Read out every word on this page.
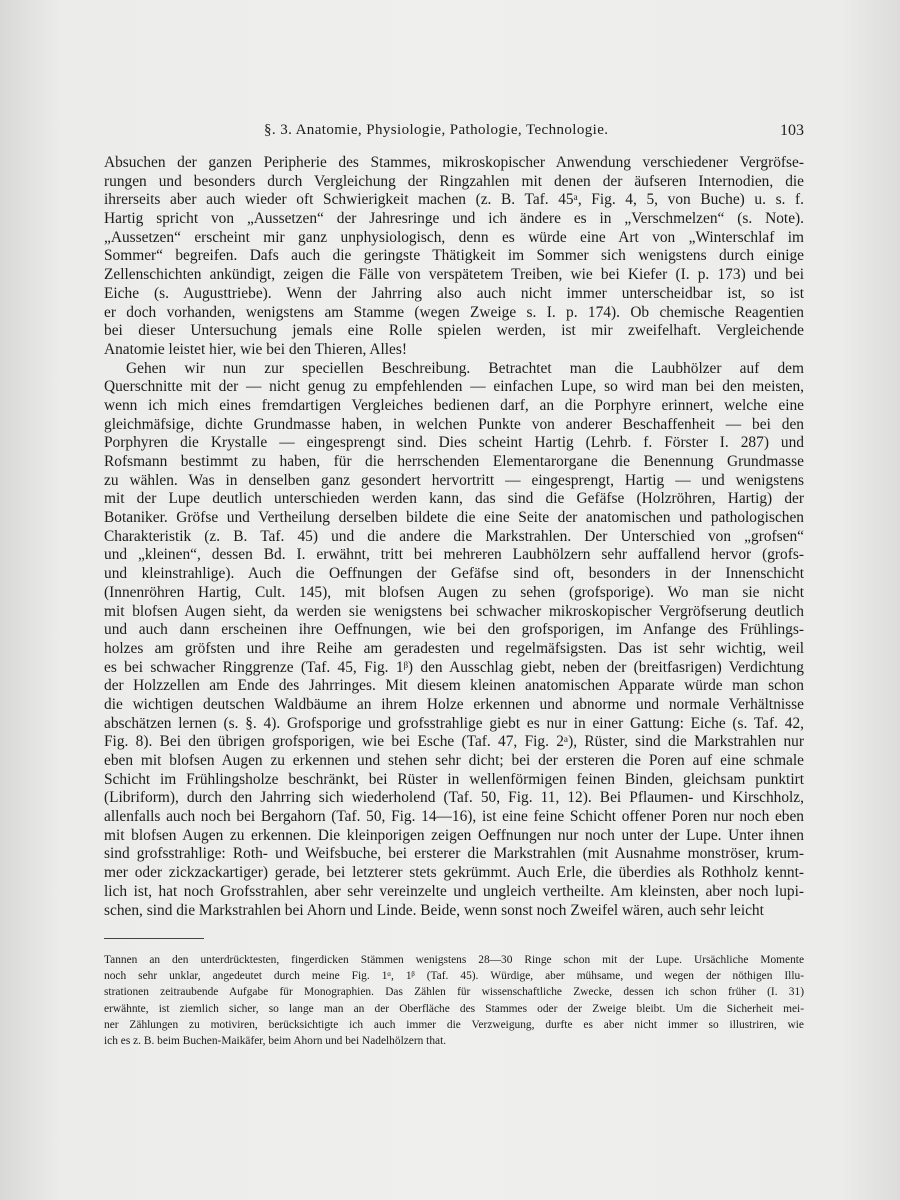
§. 3. Anatomie, Physiologie, Pathologie, Technologie.	103
Absuchen der ganzen Peripherie des Stammes, mikroskopischer Anwendung verschiedener Vergröfse-
rungen und besonders durch Vergleichung der Ringzahlen mit denen der äufseren Internodien, die
ihrerseits aber auch wieder oft Schwierigkeit machen (z. B. Taf. 45ᵃ, Fig. 4, 5, von Buche) u. s. f.
Hartig spricht von „Aussetzen“ der Jahresringe und ich ändere es in „Verschmelzen“ (s. Note).
„Aussetzen“ erscheint mir ganz unphysiologisch, denn es würde eine Art von „Winterschlaf im
Sommer“ begreifen. Dafs auch die geringste Thätigkeit im Sommer sich wenigstens durch einige
Zellenschichten ankündigt, zeigen die Fälle von verspätetem Treiben, wie bei Kiefer (I. p. 173) und bei
Eiche (s. Augusttriebe). Wenn der Jahrring also auch nicht immer unterscheidbar ist, so ist
er doch vorhanden, wenigstens am Stamme (wegen Zweige s. I. p. 174). Ob chemische Reagentien
bei dieser Untersuchung jemals eine Rolle spielen werden, ist mir zweifelhaft. Vergleichende
Anatomie leistet hier, wie bei den Thieren, Alles!
Gehen wir nun zur speciellen Beschreibung. Betrachtet man die Laubhölzer auf dem
Querschnitte mit der — nicht genug zu empfehlenden — einfachen Lupe, so wird man bei den meisten,
wenn ich mich eines fremdartigen Vergleiches bedienen darf, an die Porphyre erinnert, welche eine
gleichmäfsige, dichte Grundmasse haben, in welchen Punkte von anderer Beschaffenheit — bei den
Porphyren die Krystalle — eingesprengt sind. Dies scheint Hartig (Lehrb. f. Förster I. 287) und
Rofsmann bestimmt zu haben, für die herrschenden Elementarorgane die Benennung Grundmasse
zu wählen. Was in denselben ganz gesondert hervortritt — eingesprengt, Hartig — und wenigstens
mit der Lupe deutlich unterschieden werden kann, das sind die Gefäfse (Holzröhren, Hartig) der
Botaniker. Gröfse und Vertheilung derselben bildete die eine Seite der anatomischen und pathologischen
Charakteristik (z. B. Taf. 45) und die andere die Markstrahlen. Der Unterschied von „grofsen“
und „kleinen“, dessen Bd. I. erwähnt, tritt bei mehreren Laubhölzern sehr auffallend hervor (grofs-
und kleinstrahlige). Auch die Oeffnungen der Gefäfse sind oft, besonders in der Innenschicht
(Innenröhren Hartig, Cult. 145), mit blofsen Augen zu sehen (grofsporige). Wo man sie nicht
mit blofsen Augen sieht, da werden sie wenigstens bei schwacher mikroskopischer Vergröfserung deutlich
und auch dann erscheinen ihre Oeffnungen, wie bei den grofsporigen, im Anfange des Frühlings-
holzes am gröfsten und ihre Reihe am geradesten und regelmäfsigsten. Das ist sehr wichtig, weil
es bei schwacher Ringgrenze (Taf. 45, Fig. 1ᵝ) den Ausschlag giebt, neben der (breitfasrigen) Verdichtung
der Holzzellen am Ende des Jahrringes. Mit diesem kleinen anatomischen Apparate würde man schon
die wichtigen deutschen Waldbäume an ihrem Holze erkennen und abnorme und normale Verhältnisse
abschätzen lernen (s. §. 4). Grofsporige und grofsstrahlige giebt es nur in einer Gattung: Eiche (s. Taf. 42,
Fig. 8). Bei den übrigen grofsporigen, wie bei Esche (Taf. 47, Fig. 2ᵃ), Rüster, sind die Markstrahlen nur
eben mit blofsen Augen zu erkennen und stehen sehr dicht; bei der ersteren die Poren auf eine schmale
Schicht im Frühlingsholze beschränkt, bei Rüster in wellenförmigen feinen Binden, gleichsam punktirt
(Libriform), durch den Jahrring sich wiederholend (Taf. 50, Fig. 11, 12). Bei Pflaumen- und Kirschholz,
allenfalls auch noch bei Bergahorn (Taf. 50, Fig. 14—16), ist eine feine Schicht offener Poren nur noch eben
mit blofsen Augen zu erkennen. Die kleinporigen zeigen Oeffnungen nur noch unter der Lupe. Unter ihnen
sind grofsstrahlige: Roth- und Weifsbuche, bei ersterer die Markstrahlen (mit Ausnahme monströser, krum-
mer oder zickzackartiger) gerade, bei letzterer stets gekrümmt. Auch Erle, die überdies als Rothholz kennt-
lich ist, hat noch Grofsstrahlen, aber sehr vereinzelte und ungleich vertheilte. Am kleinsten, aber noch lupi-
schen, sind die Markstrahlen bei Ahorn und Linde. Beide, wenn sonst noch Zweifel wären, auch sehr leicht
Tannen an den unterdrücktesten, fingerdicken Stämmen wenigstens 28—30 Ringe schon mit der Lupe. Ursächliche Momente
noch sehr unklar, angedeutet durch meine Fig. 1ᵅ, 1ᵝ (Taf. 45). Würdige, aber mühsame, und wegen der nöthigen Illu-
strationen zeitraubende Aufgabe für Monographien. Das Zählen für wissenschaftliche Zwecke, dessen ich schon früher (I. 31)
erwähnte, ist ziemlich sicher, so lange man an der Oberfläche des Stammes oder der Zweige bleibt. Um die Sicherheit mei-
ner Zählungen zu motiviren, berücksichtigte ich auch immer die Verzweigung, durfte es aber nicht immer so illustriren, wie
ich es z. B. beim Buchen-Maikäfer, beim Ahorn und bei Nadelhölzern that.
